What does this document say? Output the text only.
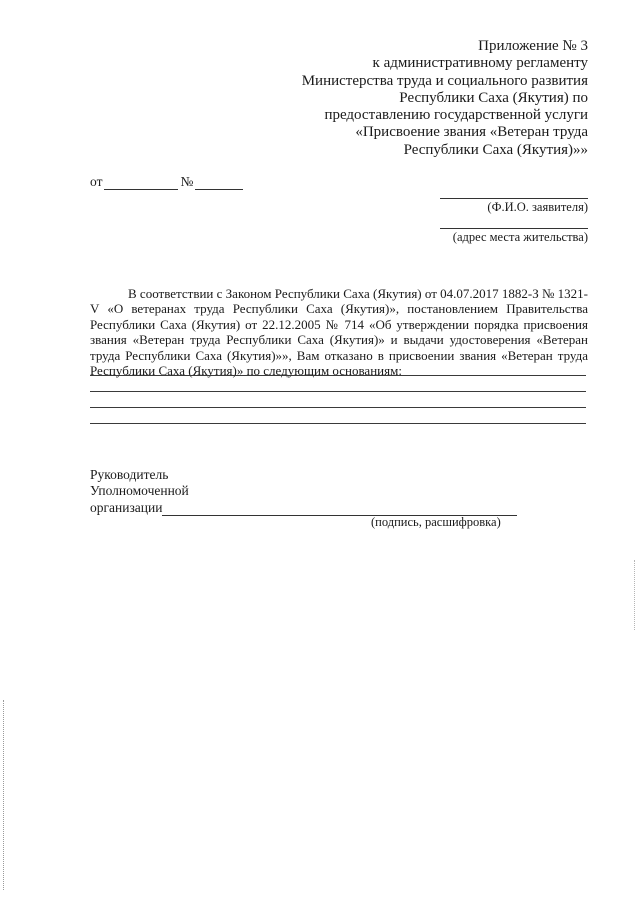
Приложение № 3
к административному регламенту
Министерства труда и социального развития
Республики Саха (Якутия) по
предоставлению государственной услуги
«Присвоение звания «Ветеран труда
Республики Саха (Якутия)»»
от	№
(Ф.И.О. заявителя)
(адрес места жительства)
В соответствии с Законом Республики Саха (Якутия) от 04.07.2017 1882-З № 1321-
V «О ветеранах труда Республики Саха (Якутия)», постановлением Правительства
Республики Саха (Якутия) от 22.12.2005 № 714 «Об утверждении порядка присвоения
звания «Ветеран труда Республики Саха (Якутия)» и выдачи удостоверения «Ветеран
труда Республики Саха (Якутия)»», Вам отказано в присвоении звания «Ветеран труда
Республики Саха (Якутия)» по следующим основаниям:
Руководитель
Уполномоченной
организации
(подпись, расшифровка)
